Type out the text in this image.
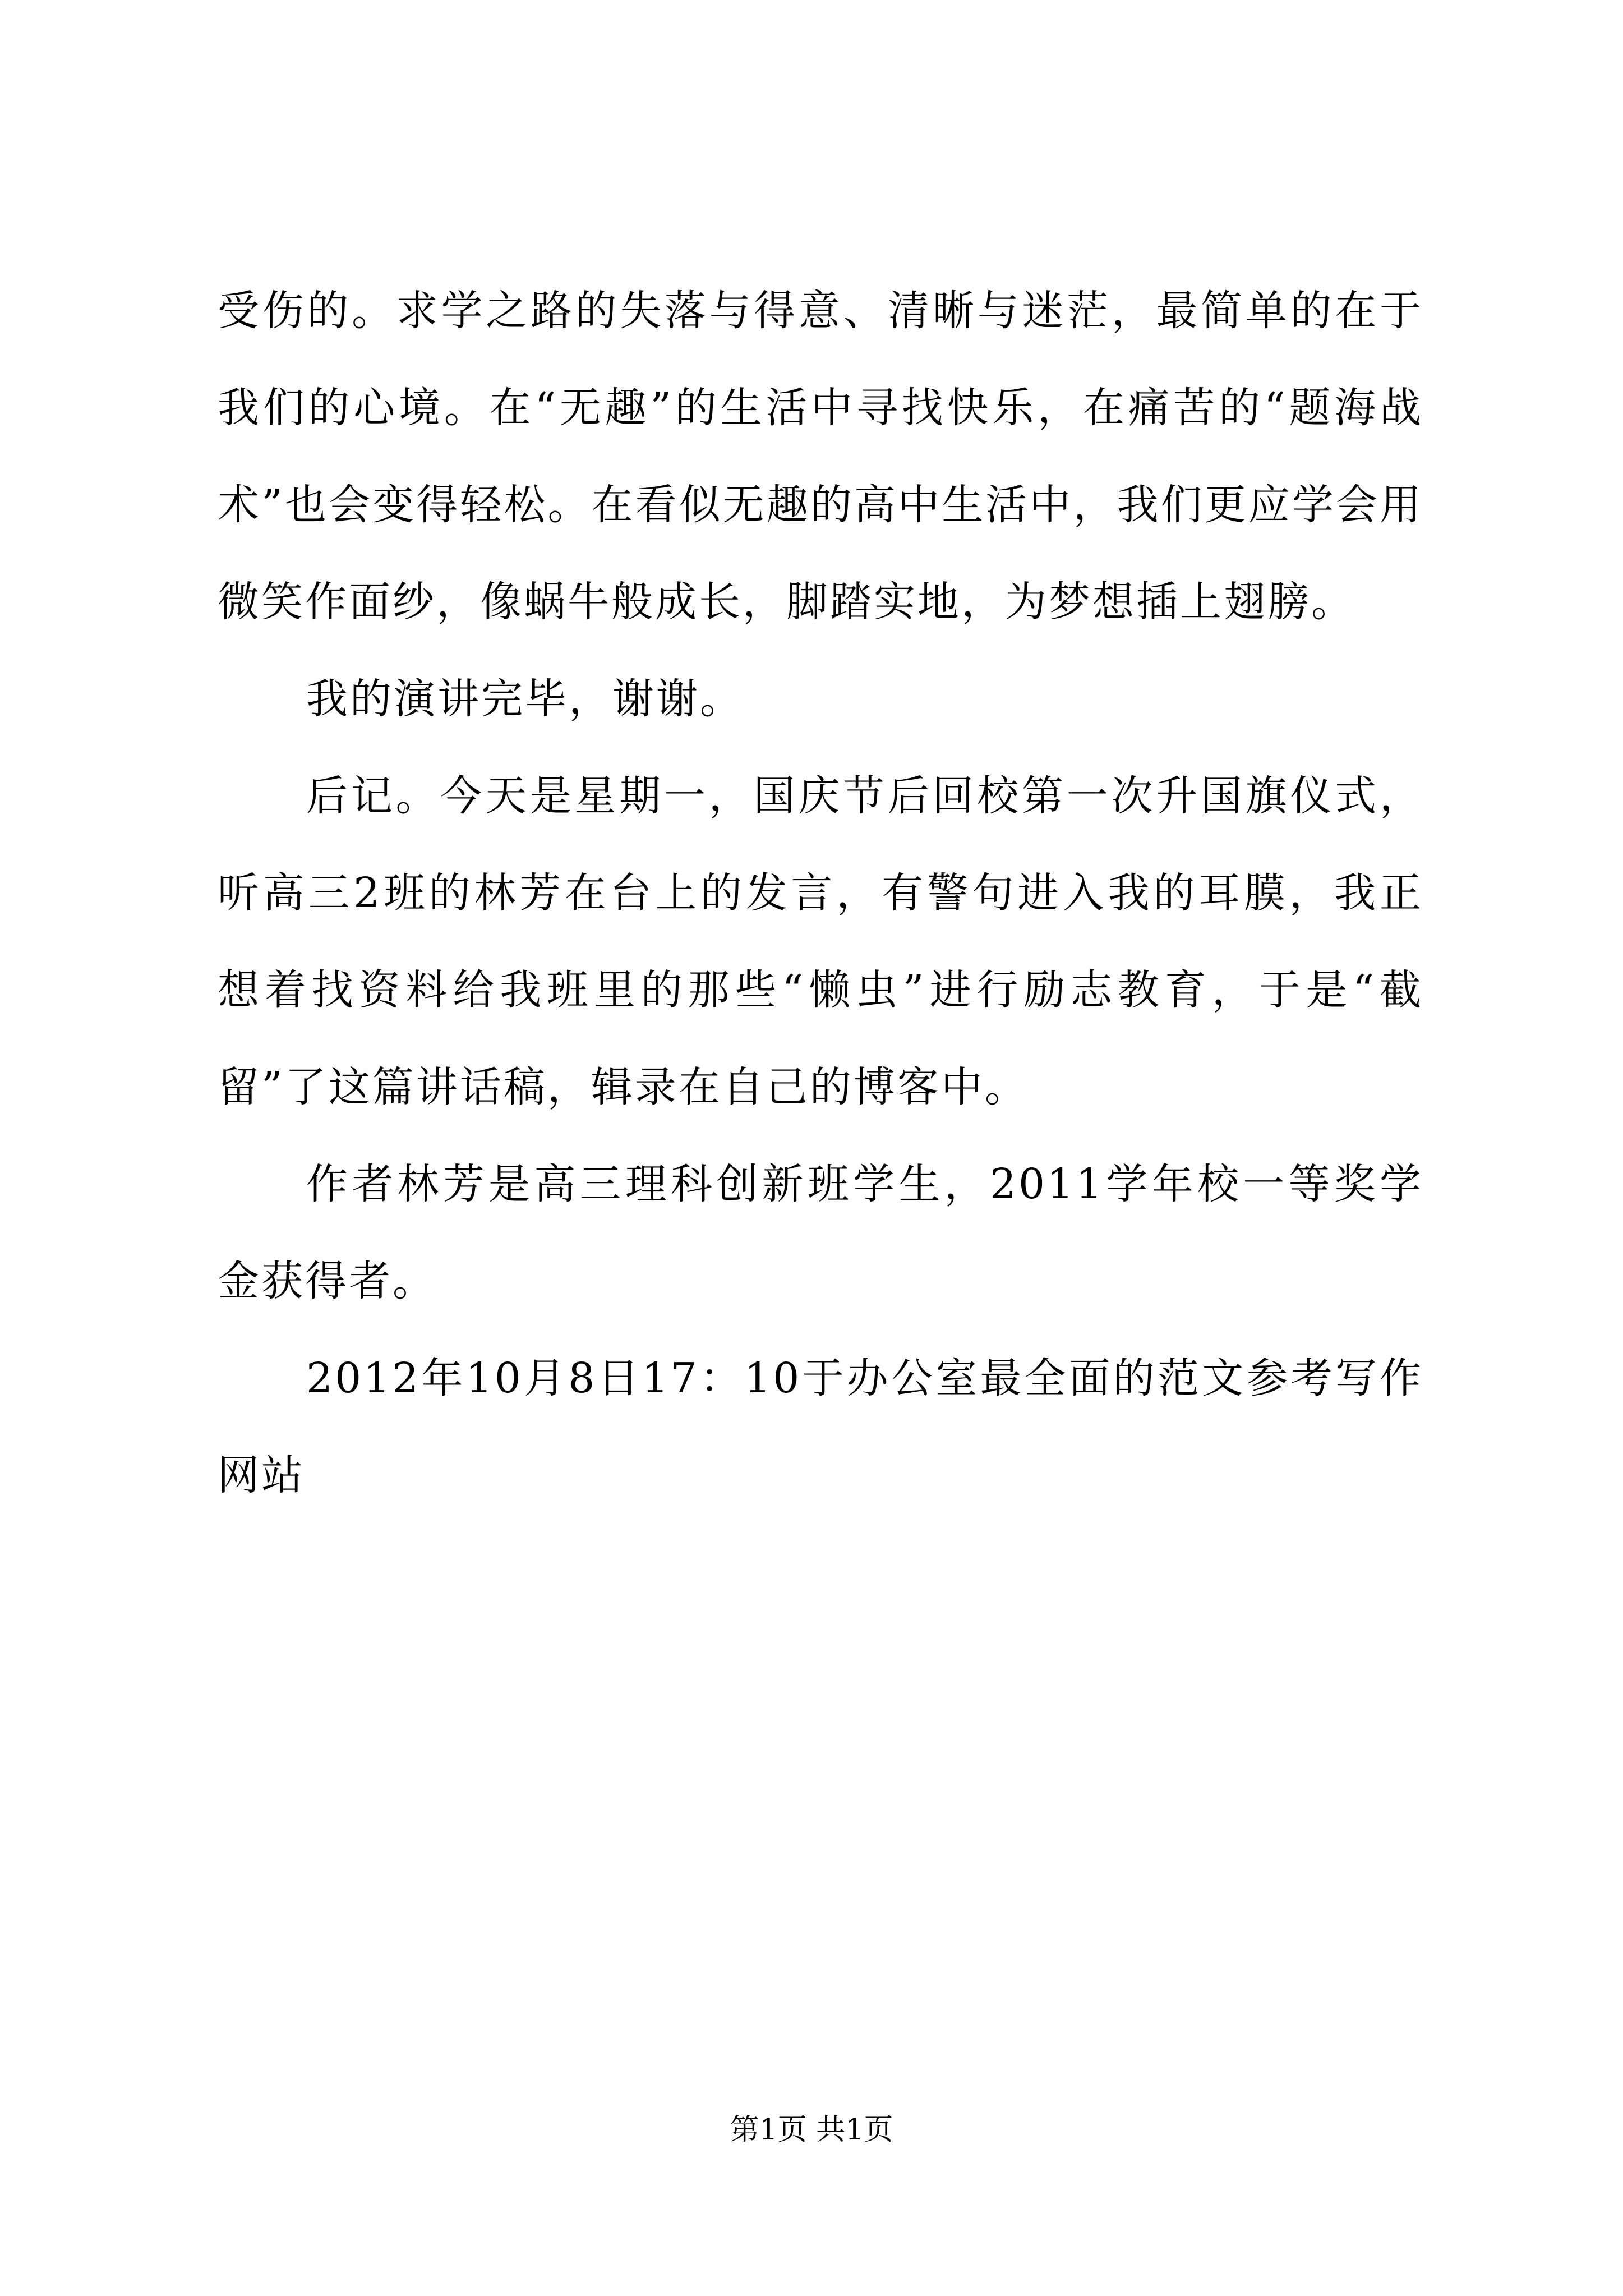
受伤的。求学之路的失落与得意、清晰与迷茫，最简单的在于我们的心境。在“无趣”的生活中寻找快乐，在痛苦的“题海战术”也会变得轻松。在看似无趣的高中生活中，我们更应学会用微笑作面纱，像蜗牛般成长，脚踏实地，为梦想插上翅膀。

我的演讲完毕，谢谢。

后记。今天是星期一，国庆节后回校第一次升国旗仪式，听高三2班的林芳在台上的发言，有警句进入我的耳膜，我正想着找资料给我班里的那些“懒虫”进行励志教育，于是“截留”了这篇讲话稿，辑录在自己的博客中。

作者林芳是高三理科创新班学生，2011学年校一等奖学金获得者。

2012年10月8日17：10于办公室最全面的范文参考写作网站

第1页 共1页
